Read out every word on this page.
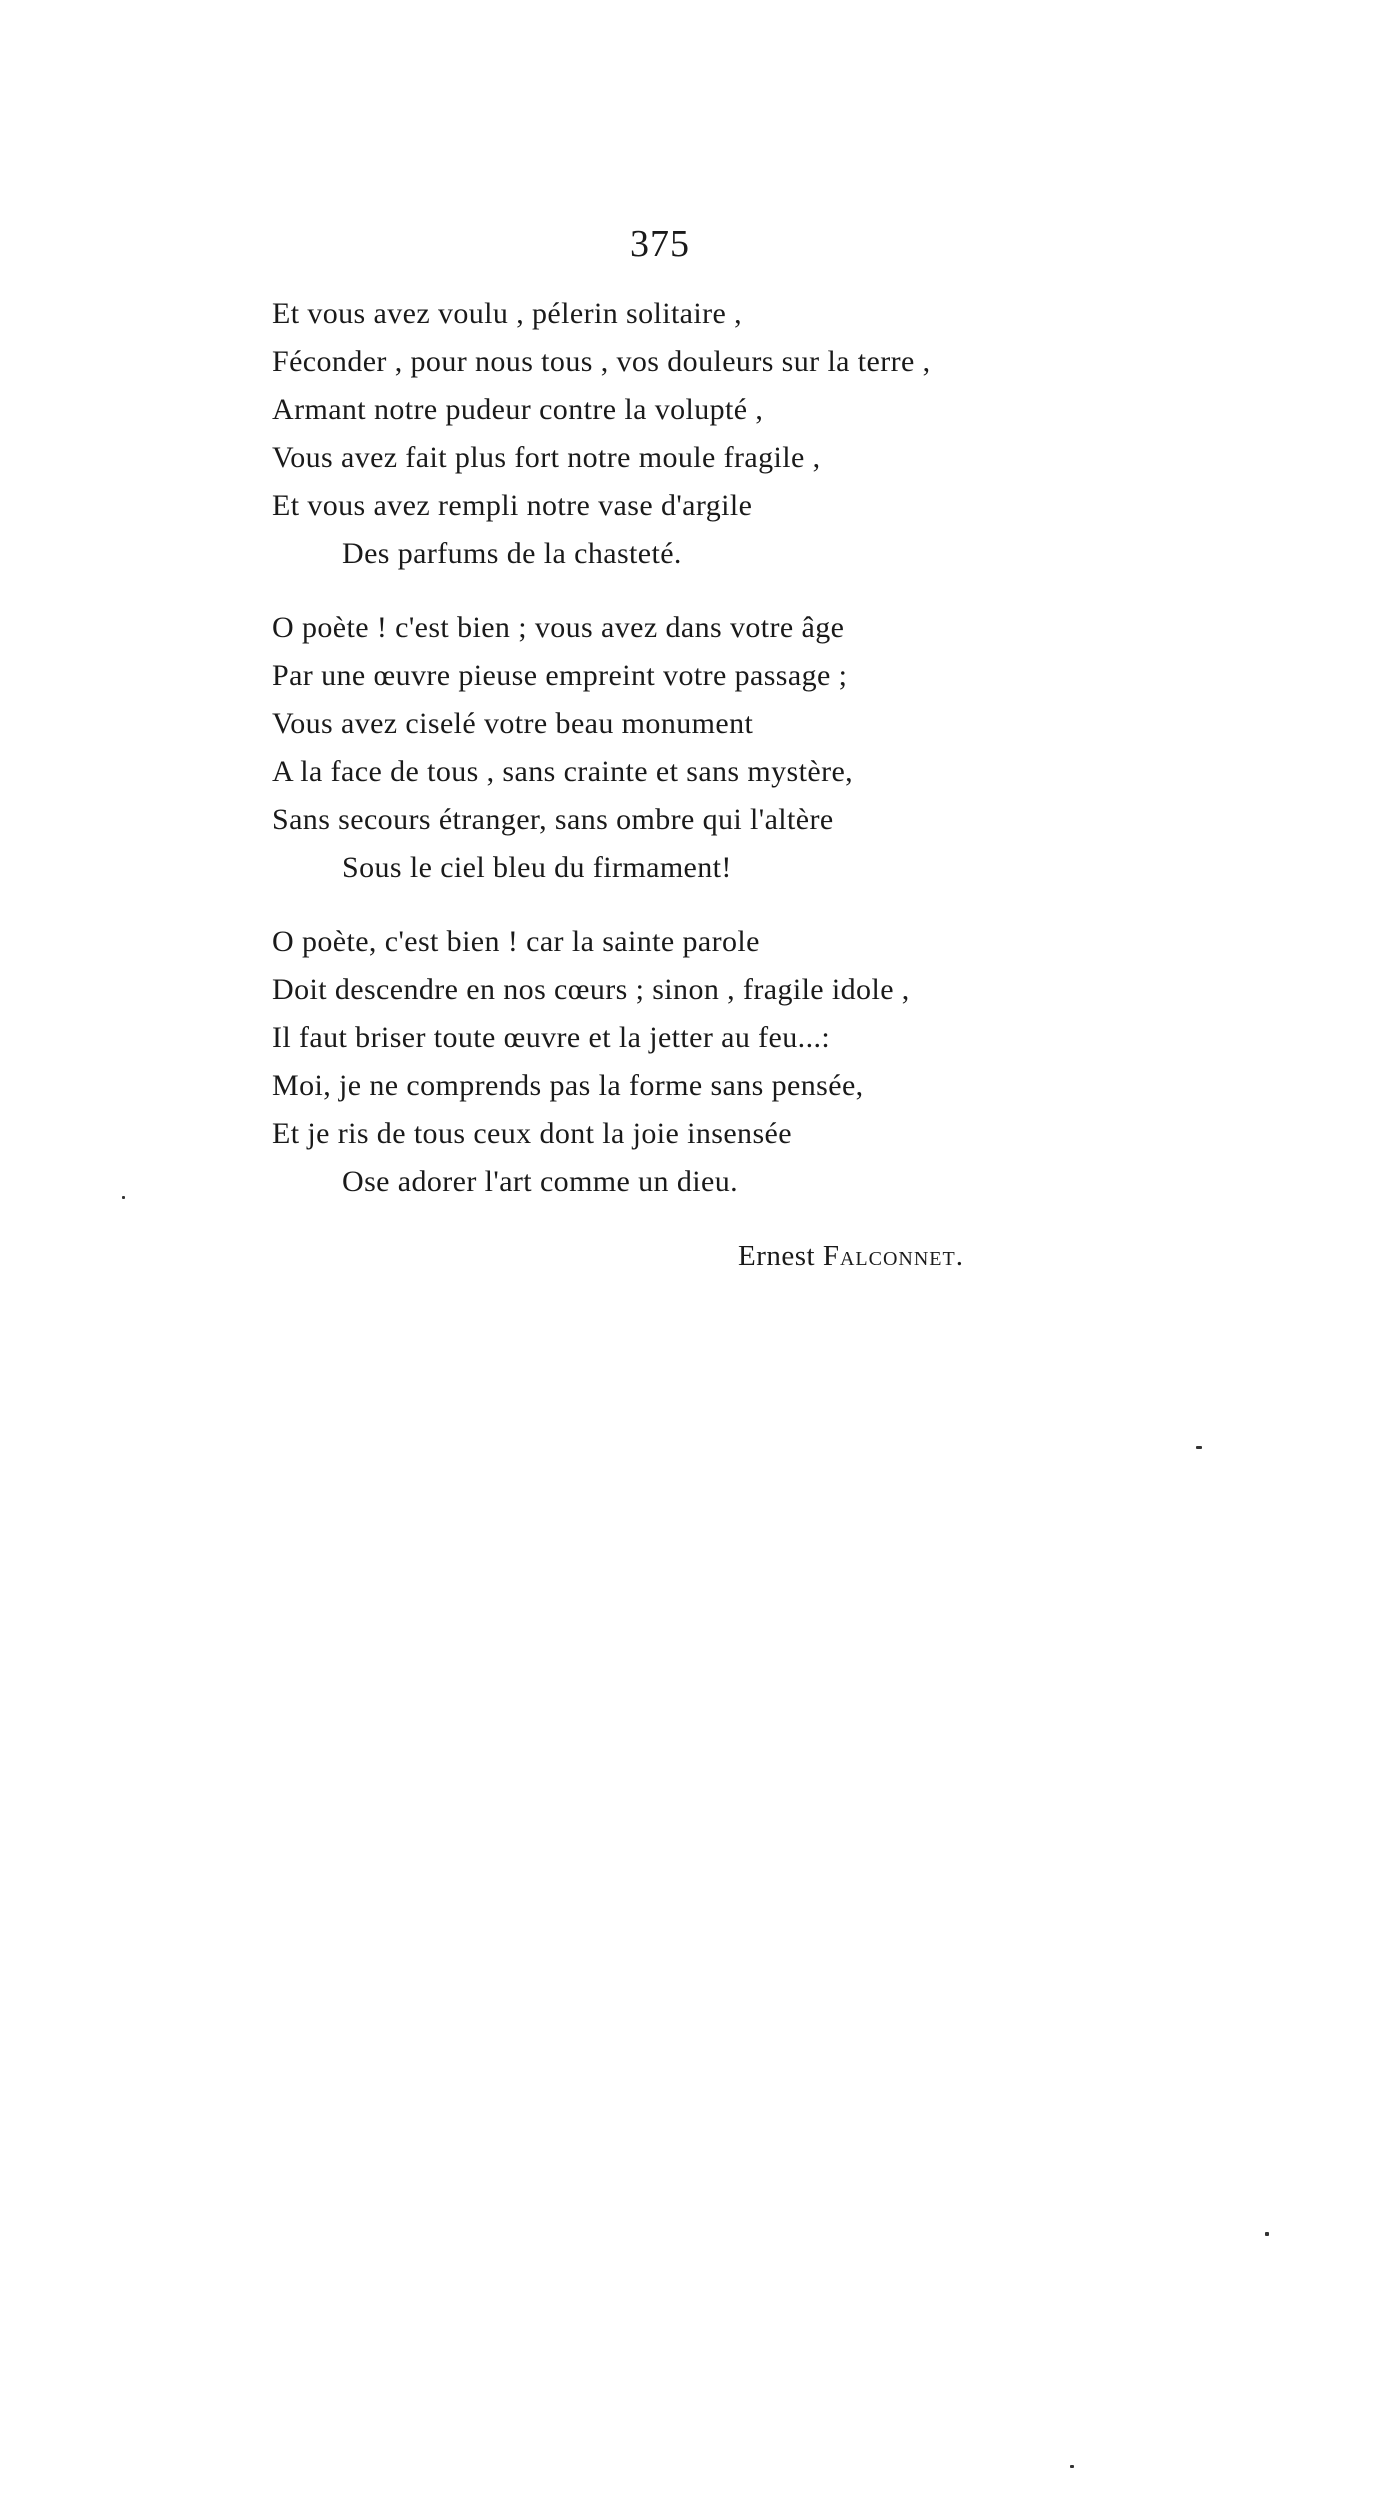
375
Et vous avez voulu , pélerin solitaire ,
Féconder , pour nous tous , vos douleurs sur la terre ,
Armant notre pudeur contre la volupté ,
Vous avez fait plus fort notre moule fragile ,
Et vous avez rempli notre vase d'argile
Des parfums de la chasteté.
O poète ! c'est bien ; vous avez dans votre âge
Par une œuvre pieuse empreint votre passage ;
Vous avez ciselé votre beau monument
A la face de tous , sans crainte et sans mystère,
Sans secours étranger, sans ombre qui l'altère
Sous le ciel bleu du firmament!
O poète, c'est bien ! car la sainte parole
Doit descendre en nos cœurs ; sinon , fragile idole ,
Il faut briser toute œuvre et la jetter au feu...:
Moi, je ne comprends pas la forme sans pensée,
Et je ris de tous ceux dont la joie insensée
Ose adorer l'art comme un dieu.
Ernest Falconnet.
